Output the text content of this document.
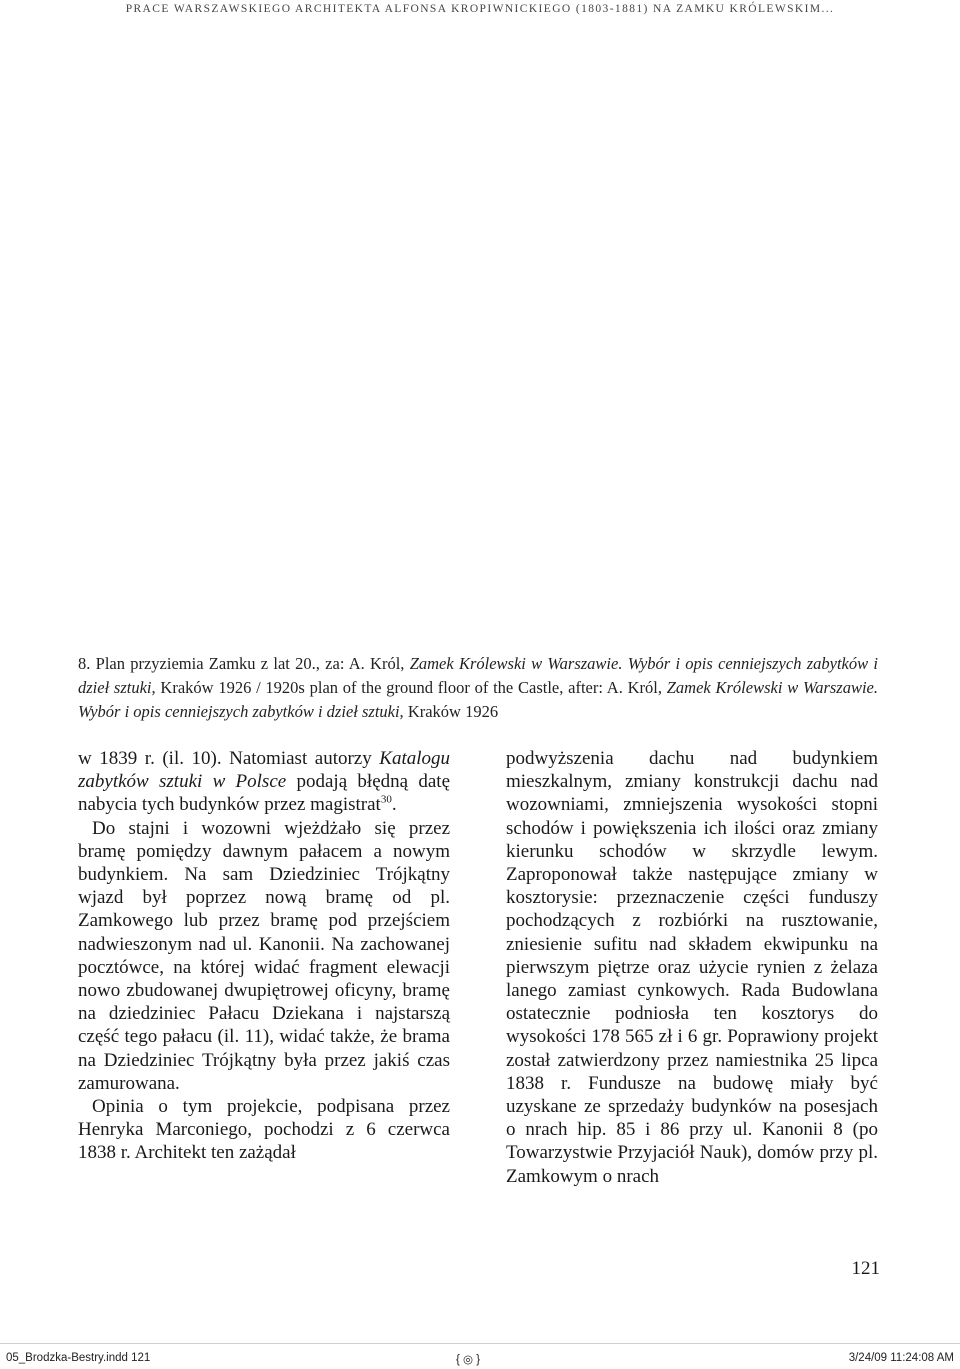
PRACE WARSZAWSKIEGO ARCHITEKTA ALFONSA KROPIWNICKIEGO (1803-1881) NA ZAMKU KRÓLEWSKIM...
8. Plan przyziemia Zamku z lat 20., za: A. Król, Zamek Królewski w Warszawie. Wybór i opis cenniejszych zabytków i dzieł sztuki, Kraków 1926 / 1920s plan of the ground floor of the Castle, after: A. Król, Zamek Królewski w Warszawie. Wybór i opis cenniejszych zabytków i dzieł sztuki, Kraków 1926

w 1839 r. (il. 10). Natomiast autorzy Katalogu zabytków sztuki w Polsce podają błędną datę nabycia tych budynków przez magistrat$^{30}$.

Do stajni i wozowni wjeżdżało się przez bramę pomiędzy dawnym pałacem a nowym budynkiem. Na sam Dziedziniec Trójkątny wjazd był poprzez nową bramę od pl. Zamkowego lub przez bramę pod przejściem nadwieszonym nad ul. Kanonii. Na zachowanej pocztówce, na której widać fragment elewacji nowo zbudowanej dwupiętrowej oficyny, bramę na dziedziniec Pałacu Dziekana i najstarszą część tego pałacu (il. 11), widać także, że brama na Dziedziniec Trójkątny była przez jakiś czas zamurowana.

Opinia o tym projekcie, podpisana przez Henryka Marconiego, pochodzi z 6 czerwca 1838 r. Architekt ten zażądał

podwyższenia dachu nad budynkiem mieszkalnym, zmiany konstrukcji dachu nad wozowniami, zmniejszenia wysokości stopni schodów i powiększenia ich ilości oraz zmiany kierunku schodów w skrzydle lewym. Zaproponował także następujące zmiany w kosztorysie: przeznaczenie części funduszy pochodzących z rozbiórki na rusztowanie, zniesienie sufitu nad składem ekwipunku na pierwszym piętrze oraz użycie rynien z żelaza lanego zamiast cynkowych. Rada Budowlana ostatecznie podniosła ten kosztorys do wysokości 178 565 zł i 6 gr. Poprawiony projekt został zatwierdzony przez namiestnika 25 lipca 1838 r. Fundusze na budowę miały być uzyskane ze sprzedaży budynków na posesjach o nrach hip. 85 i 86 przy ul. Kanonii 8 (po Towarzystwie Przyjaciół Nauk), domów przy pl. Zamkowym o nrach

121
05_Brodzka-Bestry.indd 121	{ ◎ }	3/24/09 11:24:08 AM
